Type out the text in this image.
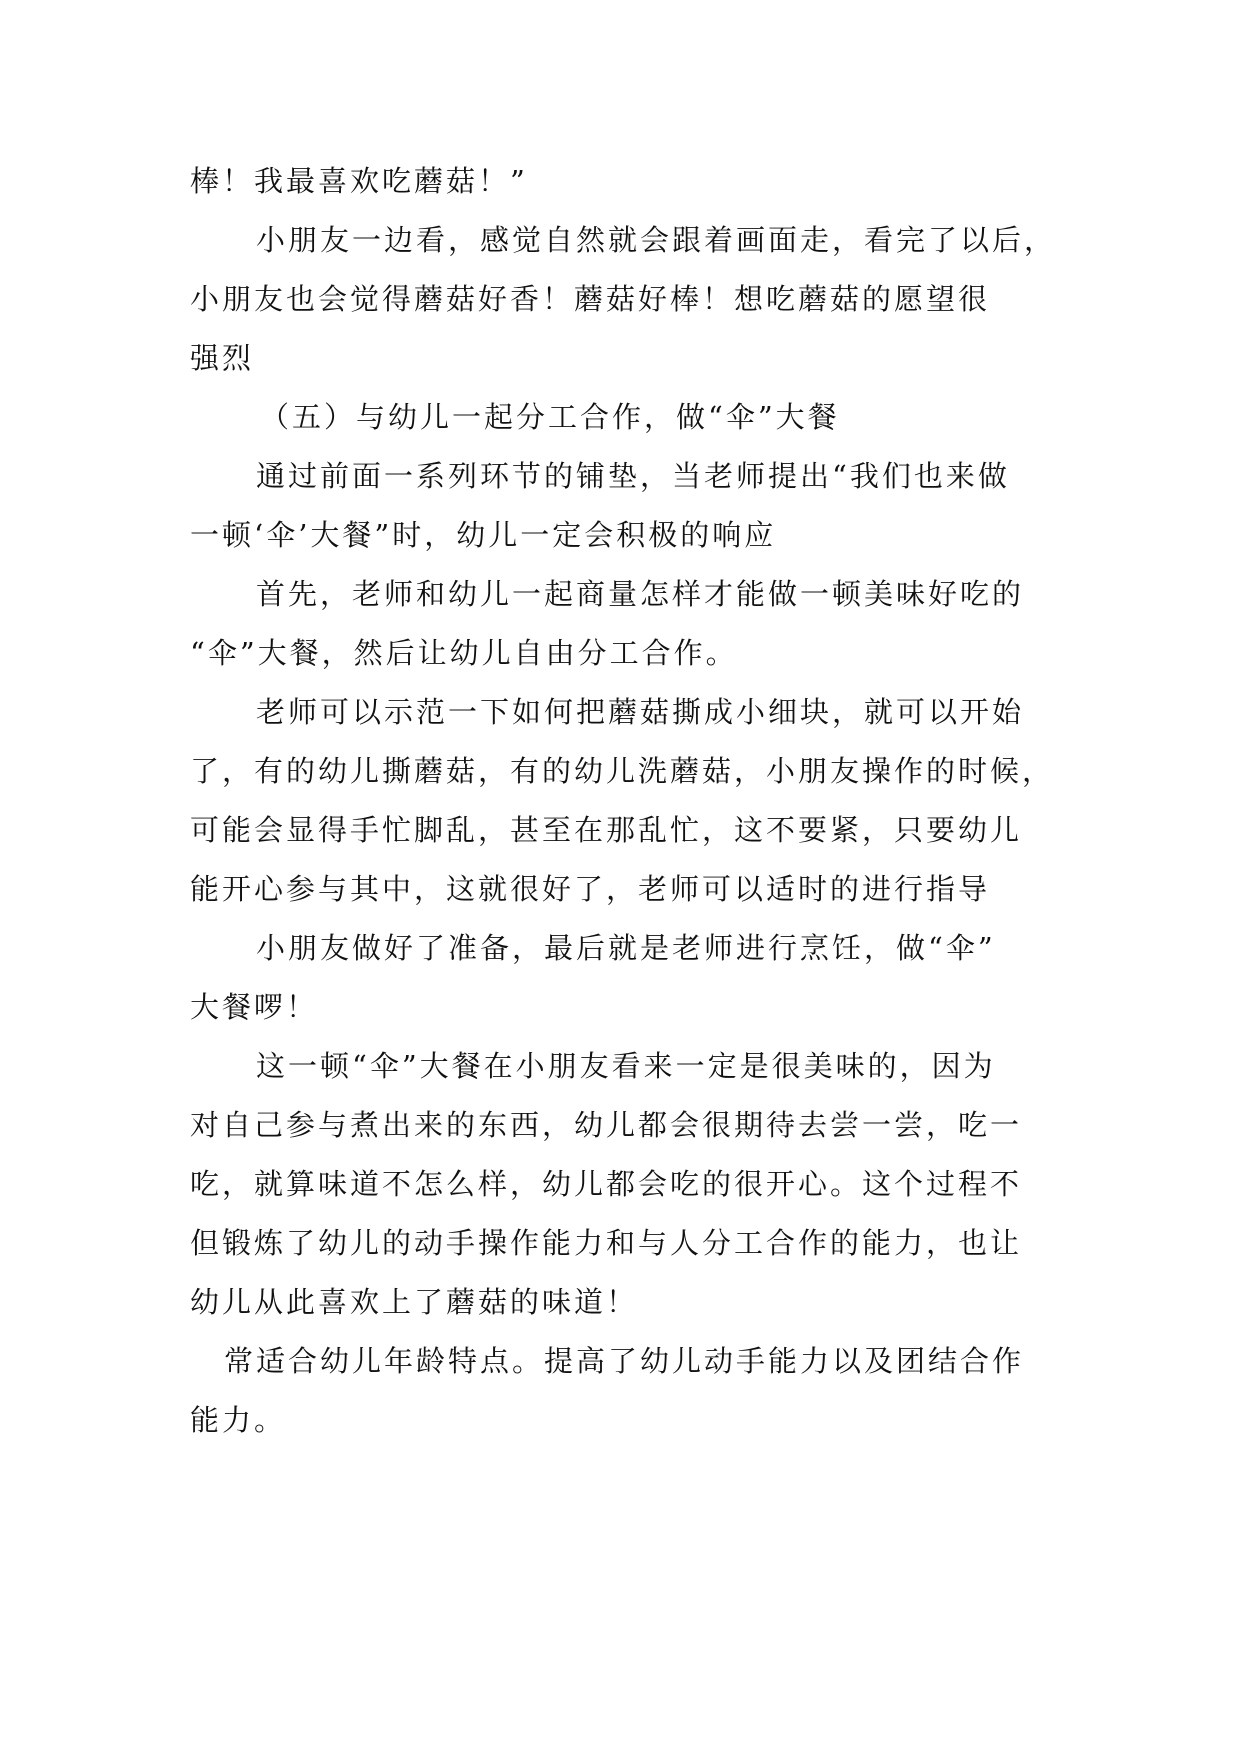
棒！我最喜欢吃蘑菇！”
小朋友一边看，感觉自然就会跟着画面走，看完了以后，
小朋友也会觉得蘑菇好香！蘑菇好棒！想吃蘑菇的愿望很
强烈
（五）与幼儿一起分工合作，做“伞”大餐
通过前面一系列环节的铺垫，当老师提出“我们也来做
一顿‘伞’大餐”时，幼儿一定会积极的响应
首先，老师和幼儿一起商量怎样才能做一顿美味好吃的
“伞”大餐，然后让幼儿自由分工合作。
老师可以示范一下如何把蘑菇撕成小细块，就可以开始
了，有的幼儿撕蘑菇，有的幼儿洗蘑菇，小朋友操作的时候，
可能会显得手忙脚乱，甚至在那乱忙，这不要紧，只要幼儿
能开心参与其中，这就很好了，老师可以适时的进行指导
小朋友做好了准备，最后就是老师进行烹饪，做“伞”
大餐啰！
这一顿“伞”大餐在小朋友看来一定是很美味的，因为
对自己参与煮出来的东西，幼儿都会很期待去尝一尝，吃一
吃，就算味道不怎么样，幼儿都会吃的很开心。这个过程不
但锻炼了幼儿的动手操作能力和与人分工合作的能力，也让
幼儿从此喜欢上了蘑菇的味道！
常适合幼儿年龄特点。提高了幼儿动手能力以及团结合作
能力。
